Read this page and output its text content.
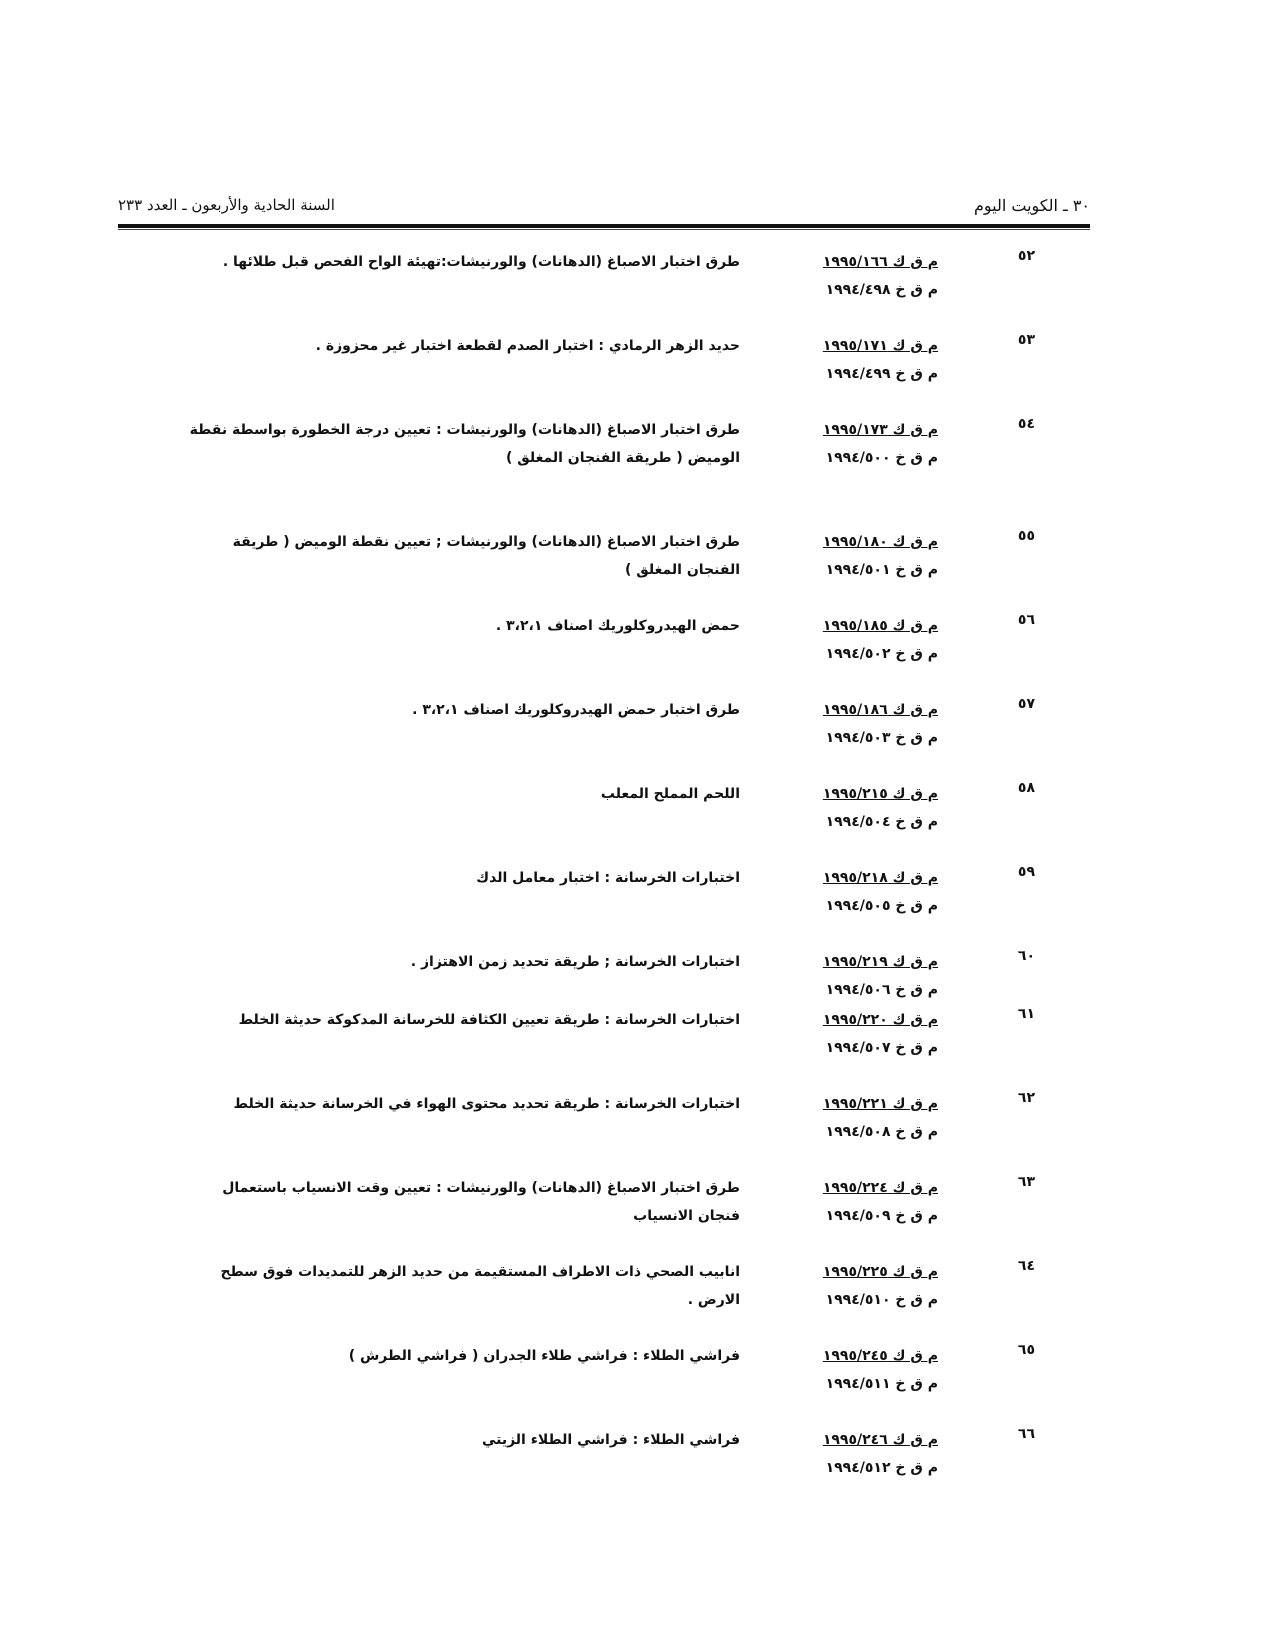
السنة الحادية والأربعون ـ العدد ٢٣٣	٣٠ ـ الكويت اليوم
٥٢
م ق ك ١٩٩٥/١٦٦
م ق خ ١٩٩٤/٤٩٨
طرق اختبار الاصباغ (الدهانات) والورنيشات:تهيئة الواح الفحص قبل طلائها .
٥٣
م ق ك ١٩٩٥/١٧١
م ق خ ١٩٩٤/٤٩٩
حديد الزهر الرمادي : اختبار الصدم لقطعة اختبار غير محزوزة .
٥٤
م ق ك ١٩٩٥/١٧٣
م ق خ ١٩٩٤/٥٠٠
طرق اختبار الاصباغ (الدهانات) والورنيشات : تعيين درجة الخطورة بواسطة نقطة الوميض ( طريقة الفنجان المغلق )
٥٥
م ق ك ١٩٩٥/١٨٠
م ق خ ١٩٩٤/٥٠١
طرق اختبار الاصباغ (الدهانات) والورنيشات ; تعيين نقطة الوميض ( طريقة الفنجان المغلق )
٥٦
م ق ك ١٩٩٥/١٨٥
م ق خ ١٩٩٤/٥٠٢
حمض الهيدروكلوريك اصناف ٣،٢،١ .
٥٧
م ق ك ١٩٩٥/١٨٦
م ق خ ١٩٩٤/٥٠٣
طرق اختبار حمض الهيدروكلوريك اصناف ٣،٢،١ .
٥٨
م ق ك ١٩٩٥/٢١٥
م ق خ ١٩٩٤/٥٠٤
اللحم المملح المعلب
٥٩
م ق ك ١٩٩٥/٢١٨
م ق خ ١٩٩٤/٥٠٥
اختبارات الخرسانة : اختبار معامل الدك
٦٠
م ق ك ١٩٩٥/٢١٩
م ق خ ١٩٩٤/٥٠٦
اختبارات الخرسانة ; طريقة تحديد زمن الاهتزاز .
٦١
م ق ك ١٩٩٥/٢٢٠
م ق خ ١٩٩٤/٥٠٧
اختبارات الخرسانة : طريقة تعيين الكثافة للخرسانة المدكوكة حديثة الخلط
٦٢
م ق ك ١٩٩٥/٢٢١
م ق خ ١٩٩٤/٥٠٨
اختبارات الخرسانة : طريقة تحديد محتوى الهواء في الخرسانة حديثة الخلط
٦٣
م ق ك ١٩٩٥/٢٢٤
م ق خ ١٩٩٤/٥٠٩
طرق اختبار الاصباغ (الدهانات) والورنيشات : تعيين وقت الانسياب باستعمال فنجان الانسياب
٦٤
م ق ك ١٩٩٥/٢٢٥
م ق خ ١٩٩٤/٥١٠
انابيب الصحي ذات الاطراف المستقيمة من حديد الزهر للتمديدات فوق سطح الارض .
٦٥
م ق ك ١٩٩٥/٢٤٥
م ق خ ١٩٩٤/٥١١
فراشي الطلاء : فراشي طلاء الجدران ( فراشي الطرش )
٦٦
م ق ك ١٩٩٥/٢٤٦
م ق خ ١٩٩٤/٥١٢
فراشي الطلاء : فراشي الطلاء الزيتي
